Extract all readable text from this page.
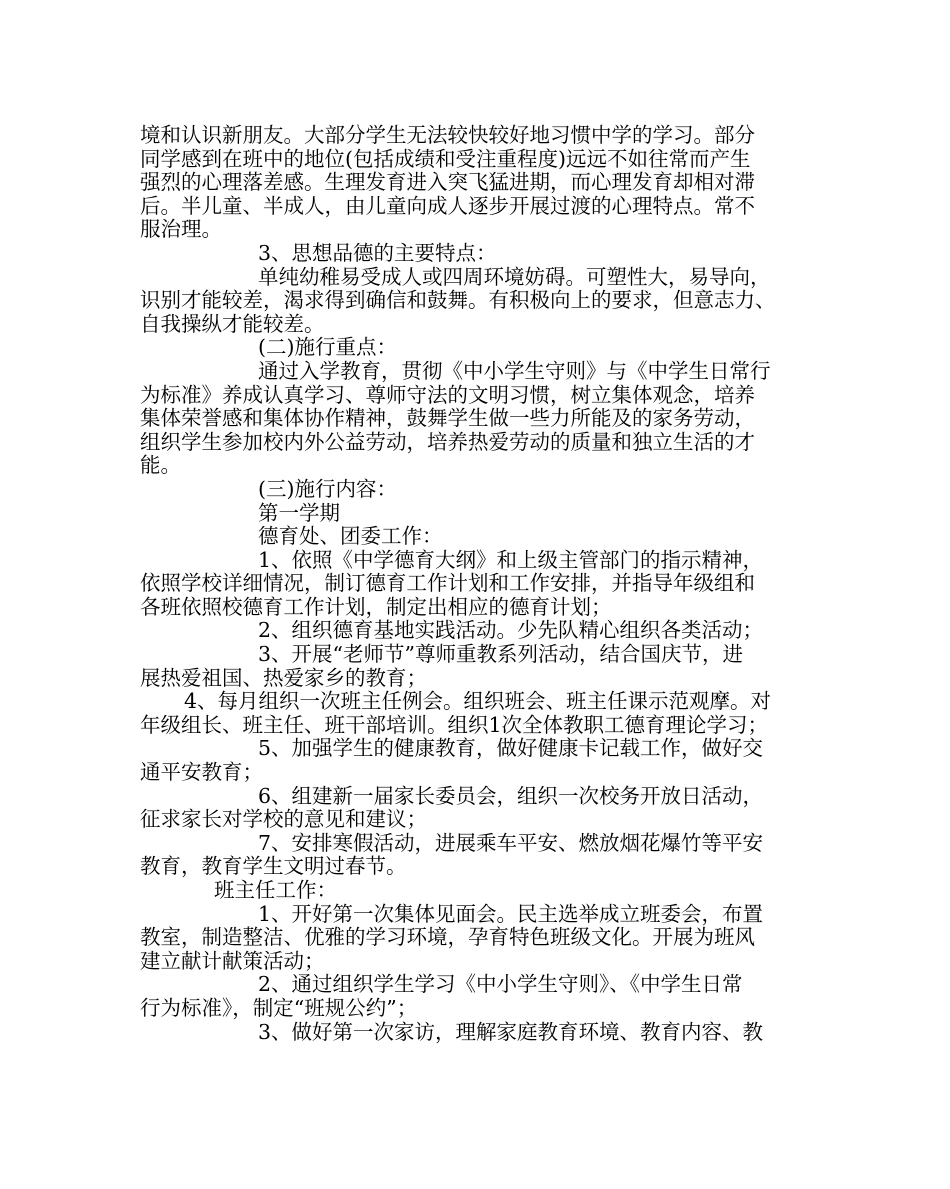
境和认识新朋友。大部分学生无法较快较好地习惯中学的学习。部分
同学感到在班中的地位(包括成绩和受注重程度)远远不如往常而产生
强烈的心理落差感。生理发育进入突飞猛进期，而心理发育却相对滞
后。半儿童、半成人，由儿童向成人逐步开展过渡的心理特点。常不
服治理。
3、思想品德的主要特点：
单纯幼稚易受成人或四周环境妨碍。可塑性大，易导向，
识别才能较差，渴求得到确信和鼓舞。有积极向上的要求，但意志力、
自我操纵才能较差。
(二)施行重点：
通过入学教育，贯彻《中小学生守则》与《中学生日常行
为标准》养成认真学习、尊师守法的文明习惯，树立集体观念，培养
集体荣誉感和集体协作精神，鼓舞学生做一些力所能及的家务劳动，
组织学生参加校内外公益劳动，培养热爱劳动的质量和独立生活的才
能。
(三)施行内容：
第一学期
德育处、团委工作：
1、依照《中学德育大纲》和上级主管部门的指示精神，
依照学校详细情况，制订德育工作计划和工作安排，并指导年级组和
各班依照校德育工作计划，制定出相应的德育计划；
2、组织德育基地实践活动。少先队精心组织各类活动；
3、开展“老师节”尊师重教系列活动，结合国庆节，进
展热爱祖国、热爱家乡的教育；
4、每月组织一次班主任例会。组织班会、班主任课示范观摩。对
年级组长、班主任、班干部培训。组织1次全体教职工德育理论学习；
5、加强学生的健康教育，做好健康卡记载工作，做好交
通平安教育；
6、组建新一届家长委员会，组织一次校务开放日活动，
征求家长对学校的意见和建议；
7、安排寒假活动，进展乘车平安、燃放烟花爆竹等平安
教育，教育学生文明过春节。
班主任工作：
1、开好第一次集体见面会。民主选举成立班委会，布置
教室，制造整洁、优雅的学习环境，孕育特色班级文化。开展为班风
建立献计献策活动；
2、通过组织学生学习《中小学生守则》、《中学生日常
行为标准》，制定“班规公约”；
3、做好第一次家访，理解家庭教育环境、教育内容、教
